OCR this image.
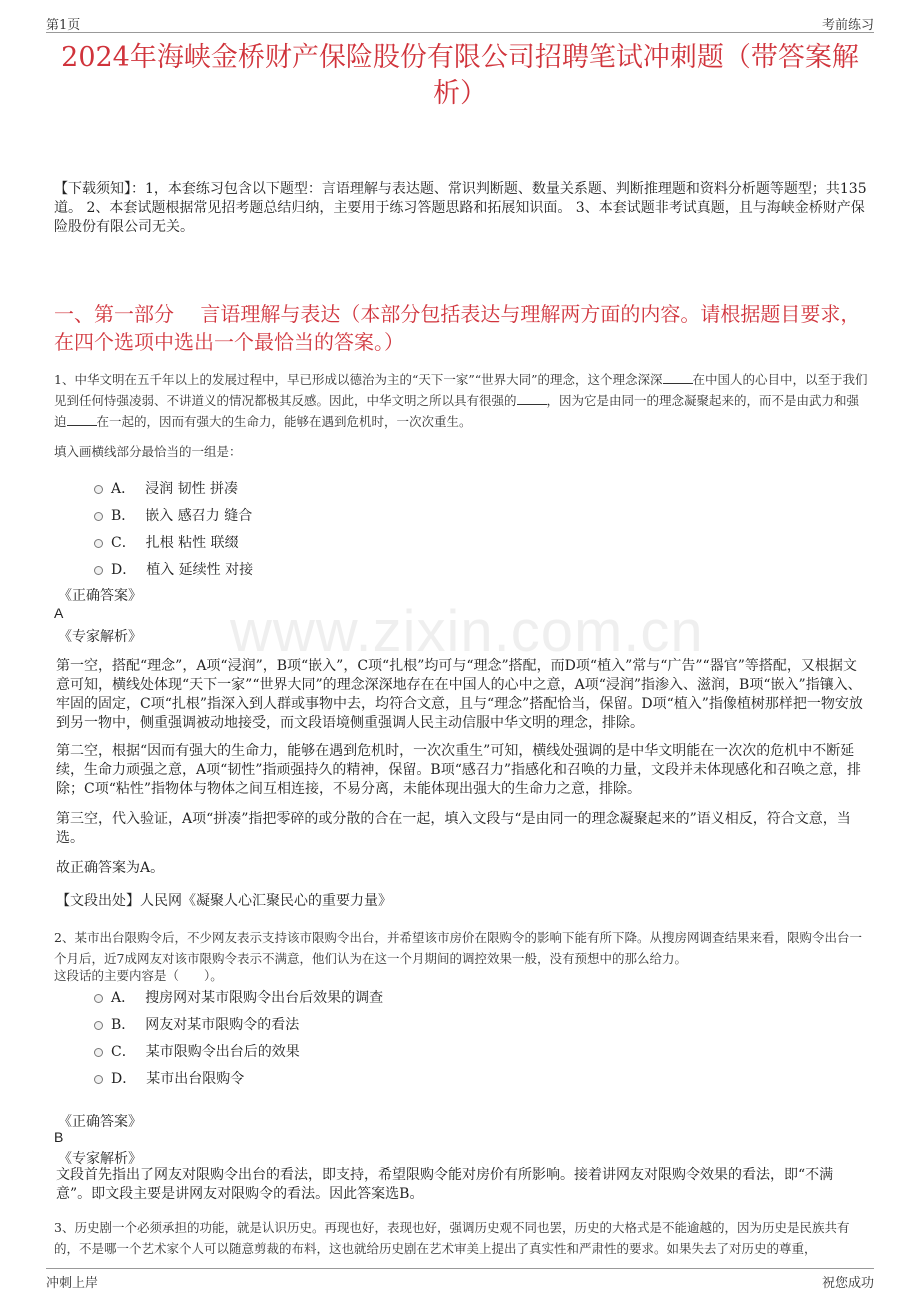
第1页	考前练习
2024年海峡金桥财产保险股份有限公司招聘笔试冲刺题（带答案解析）
【下载须知】：1，本套练习包含以下题型：言语理解与表达题、常识判断题、数量关系题、判断推理题和资料分析题等题型；共135道。 2、本套试题根据常见招考题总结归纳，主要用于练习答题思路和拓展知识面。 3、本套试题非考试真题，且与海峡金桥财产保险股份有限公司无关。
一、第一部分　 言语理解与表达（本部分包括表达与理解两方面的内容。请根据题目要求，在四个选项中选出一个最恰当的答案。）
1、中华文明在五千年以上的发展过程中，早已形成以德治为主的“天下一家”“世界大同”的理念，这个理念深深 在中国人的心目中，以至于我们见到任何恃强凌弱、不讲道义的情况都极其反感。因此，中华文明之所以具有很强的 ，因为它是由同一的理念凝聚起来的，而不是由武力和强迫 在一起的，因而有强大的生命力，能够在遇到危机时，一次次重生。
填入画横线部分最恰当的一组是：
A． 浸润 韧性 拼凑
B． 嵌入 感召力 缝合
C． 扎根 粘性 联缀
D． 植入 延续性 对接
《正确答案》
A
《专家解析》 www.zixin.com.cn
第一空，搭配“理念”，A项“浸润”，B项“嵌入”，C项“扎根”均可与“理念”搭配，而D项“植入”常与“广告”“器官”等搭配，又根据文意可知，横线处体现“天下一家”“世界大同”的理念深深地存在在中国人的心中之意，A项“浸润”指渗入、滋润，B项“嵌入”指镶入、牢固的固定，C项“扎根”指深入到人群或事物中去，均符合文意，且与“理念”搭配恰当，保留。D项“植入”指像植树那样把一物安放到另一物中，侧重强调被动地接受，而文段语境侧重强调人民主动信服中华文明的理念，排除。
第二空，根据“因而有强大的生命力，能够在遇到危机时，一次次重生”可知，横线处强调的是中华文明能在一次次的危机中不断延续，生命力顽强之意，A项“韧性”指顽强持久的精神，保留。B项“感召力”指感化和召唤的力量，文段并未体现感化和召唤之意，排除；C项“粘性”指物体与物体之间互相连接，不易分离，未能体现出强大的生命力之意，排除。
第三空，代入验证，A项“拼凑”指把零碎的或分散的合在一起，填入文段与“是由同一的理念凝聚起来的”语义相反，符合文意，当选。
故正确答案为A。
【文段出处】人民网《凝聚人心汇聚民心的重要力量》
2、某市出台限购令后，不少网友表示支持该市限购令出台，并希望该市房价在限购令的影响下能有所下降。从搜房网调查结果来看，限购令出台一个月后，近7成网友对该市限购令表示不满意，他们认为在这一个月期间的调控效果一般，没有预想中的那么给力。
这段话的主要内容是（　　）。
A． 搜房网对某市限购令出台后效果的调查
B． 网友对某市限购令的看法
C． 某市限购令出台后的效果
D． 某市出台限购令
《正确答案》
B
《专家解析》
文段首先指出了网友对限购令出台的看法，即支持，希望限购令能对房价有所影响。接着讲网友对限购令效果的看法，即“不满意”。即文段主要是讲网友对限购令的看法。因此答案选B。
3、历史剧一个必须承担的功能，就是认识历史。再现也好，表现也好，强调历史观不同也罢，历史的大格式是不能逾越的，因为历史是民族共有的，不是哪一个艺术家个人可以随意剪裁的布料，这也就给历史剧在艺术审美上提出了真实性和严肃性的要求。如果失去了对历史的尊重，
冲刺上岸	祝您成功
